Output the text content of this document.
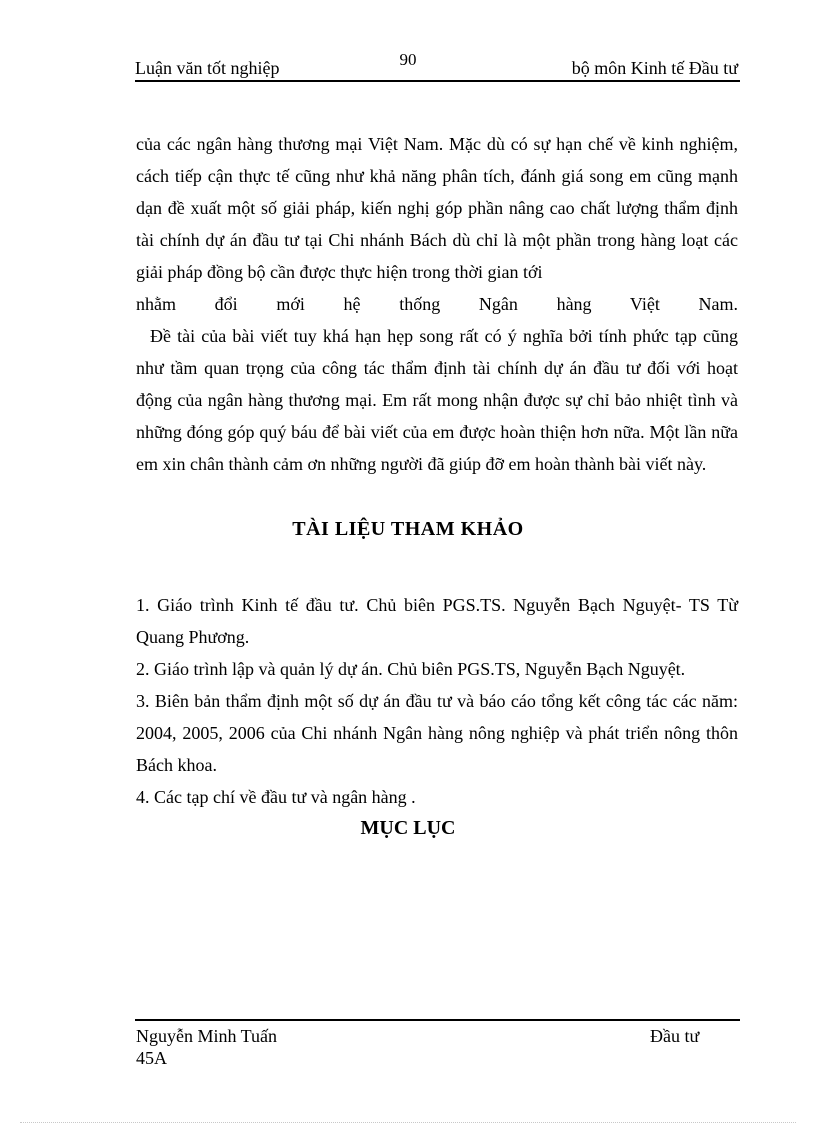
90
Luận văn tốt nghiệp	bộ môn Kinh tế Đầu tư
của các ngân hàng thương mại Việt Nam. Mặc dù có sự hạn chế về kinh nghiệm, cách tiếp cận thực tế cũng như khả năng phân tích, đánh giá song em cũng mạnh dạn đề xuất một số giải pháp, kiến nghị góp phần nâng cao chất lượng thẩm định tài chính dự án đầu tư tại Chi nhánh Bách dù chỉ là một phần trong hàng loạt các giải pháp đồng bộ cần được thực hiện trong thời gian tới
nhằm đổi mới hệ thống Ngân hàng Việt Nam.
Đề tài của bài viết tuy khá hạn hẹp song rất có ý nghĩa bởi tính phức tạp cũng như tầm quan trọng của công tác thẩm định tài chính dự án đầu tư đối với hoạt động của ngân hàng thương mại. Em rất mong nhận được sự chỉ bảo nhiệt tình và những đóng góp quý báu để bài viết của em được hoàn thiện hơn nữa. Một lần nữa em xin chân thành cảm ơn những người đã giúp đỡ em hoàn thành bài viết này.
TÀI LIỆU THAM KHẢO
1. Giáo trình Kinh tế đầu tư. Chủ biên PGS.TS. Nguyễn Bạch Nguyệt- TS Từ Quang Phương.
2. Giáo trình lập và quản lý dự án. Chủ biên PGS.TS, Nguyễn Bạch Nguyệt.
3. Biên bản thẩm định một số dự án đầu tư và báo cáo tổng kết công tác các năm: 2004, 2005, 2006 của Chi nhánh Ngân hàng nông nghiệp và phát triển nông thôn Bách khoa.
4. Các tạp chí về đầu tư và ngân hàng .
MỤC LỤC
Nguyễn Minh Tuấn
45A
Đầu tư
